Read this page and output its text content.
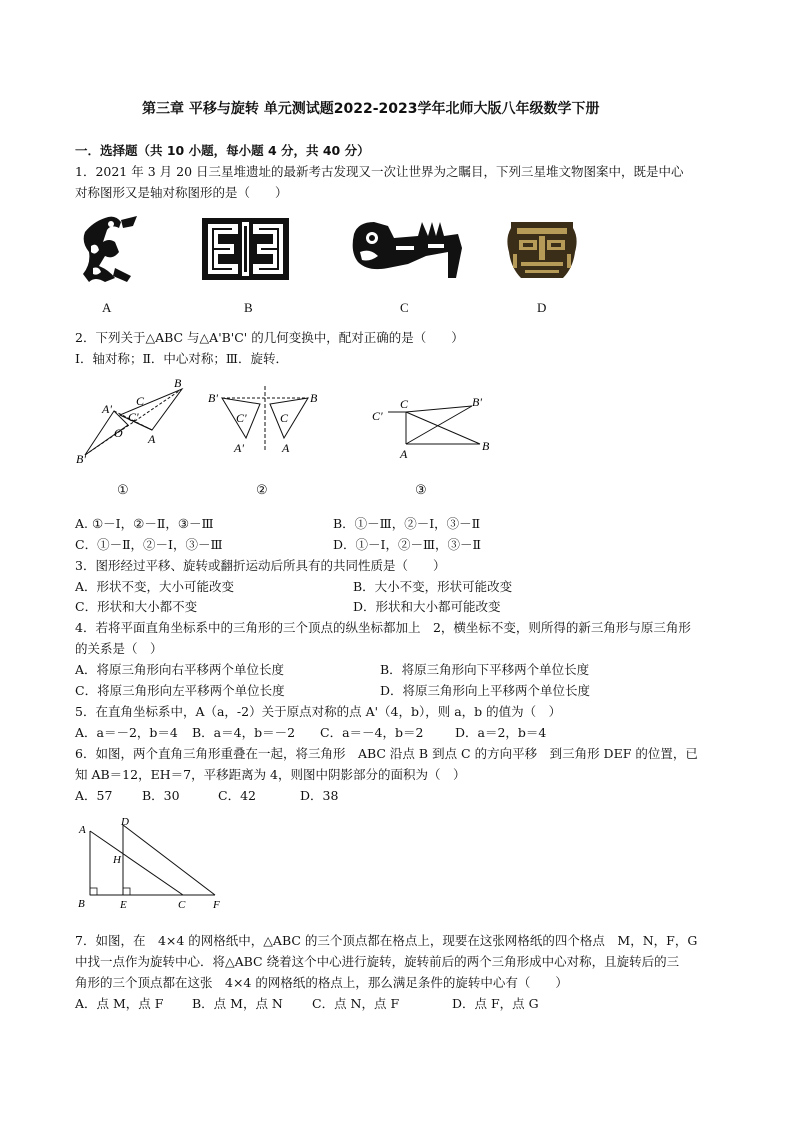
第三章 平移与旋转 单元测试题2022-2023学年北师大版八年级数学下册
一．选择题（共 10 小题，每小题 4 分，共 40 分）
1．2021 年 3 月 20 日三星堆遗址的最新考古发现又一次让世界为之瞩目，下列三星堆文物图案中，既是中心
对称图形又是轴对称图形的是（　　）
A	B	C	D
2．下列关于△ABC 与△A'B'C' 的几何变换中，配对正确的是（　　）
Ⅰ．轴对称；Ⅱ．中心对称；Ⅲ．旋转．
A'
C
B
O
C'
A
B'
B'	B
C'	C
A'	A
C'
C	B'
A
B
①	②	③
A. ①－Ⅰ，②－Ⅱ，③－Ⅲ	B．①－Ⅲ，②－Ⅰ，③－Ⅱ
C．①－Ⅱ，②－Ⅰ，③－Ⅲ	D．①－Ⅰ，②－Ⅲ，③－Ⅱ
3．图形经过平移、旋转或翻折运动后所具有的共同性质是（　　）
A．形状不变，大小可能改变	B．大小不变，形状可能改变
C．形状和大小都不变	D．形状和大小都可能改变
4．若将平面直角坐标系中的三角形的三个顶点的纵坐标都加上　2，横坐标不变，则所得的新三角形与原三角形
的关系是（　）
A．将原三角形向右平移两个单位长度	B．将原三角形向下平移两个单位长度
C．将原三角形向左平移两个单位长度	D．将原三角形向上平移两个单位长度
5．在直角坐标系中，A（a，-2）关于原点对称的点 A'（4，b），则 a，b 的值为（　）
A．a＝－2，b＝4 B．a＝4，b＝－2 C．a＝－4，b＝2	D．a＝2，b＝4
6．如图，两个直角三角形重叠在一起，将三角形　ABC 沿点 B 到点 C 的方向平移　到三角形 DEF 的位置，已
知 AB＝12，EH＝7，平移距离为 4，则图中阴影部分的面积为（　）
A．57 B．30	C．42	D．38
A
D
H
B	E	C	F
7．如图，在　4×4 的网格纸中，△ABC 的三个顶点都在格点上，现要在这张网格纸的四个格点　M，N，F，G
中找一点作为旋转中心．将△ABC 绕着这个中心进行旋转，旋转前后的两个三角形成中心对称，且旋转后的三
角形的三个顶点都在这张　4×4 的网格纸的格点上，那么满足条件的旋转中心有（　　）
A．点 M，点 F B．点 M，点 N C．点 N，点 F	D．点 F，点 G
